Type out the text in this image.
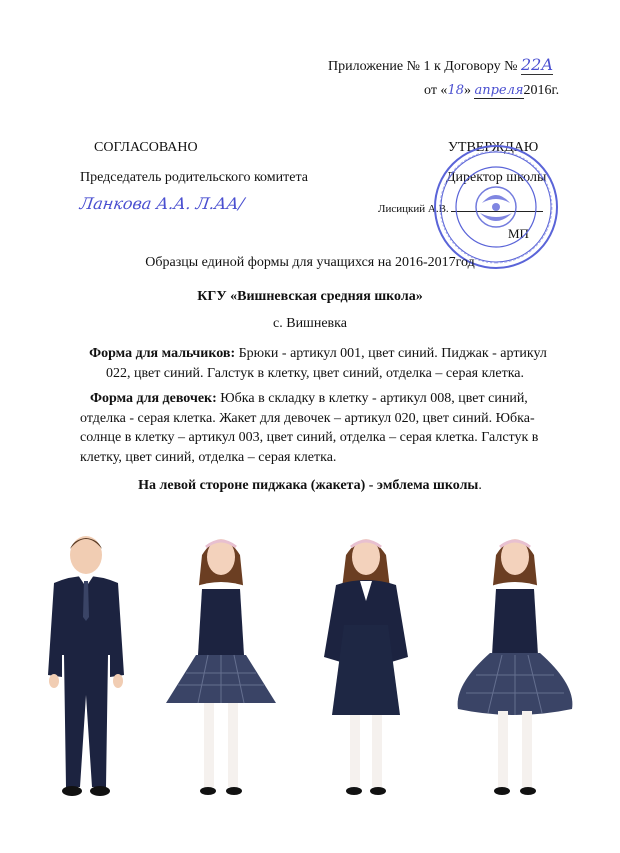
Приложение № 1 к Договору № 22А
от «18» апреля2016г.
СОГЛАСОВАНО
Председатель родительского комитета
Ланкова А.А. Л.АА/
УТВЕРЖДАЮ
Директор школы
Лисицкий А.В.
МП
Образцы единой формы для учащихся на 2016-2017год
КГУ «Вишневская средняя школа»
с. Вишневка
Форма для мальчиков: Брюки - артикул 001, цвет синий. Пиджак - артикул 022, цвет синий. Галстук в клетку, цвет синий, отделка – серая клетка.
Форма для девочек: Юбка в складку в клетку - артикул 008, цвет синий, отделка - серая клетка. Жакет для девочек – артикул 020, цвет синий. Юбка-солнце в клетку – артикул 003, цвет синий, отделка – серая клетка. Галстук в клетку, цвет синий, отделка – серая клетка.
На левой стороне пиджака (жакета) - эмблема школы.
